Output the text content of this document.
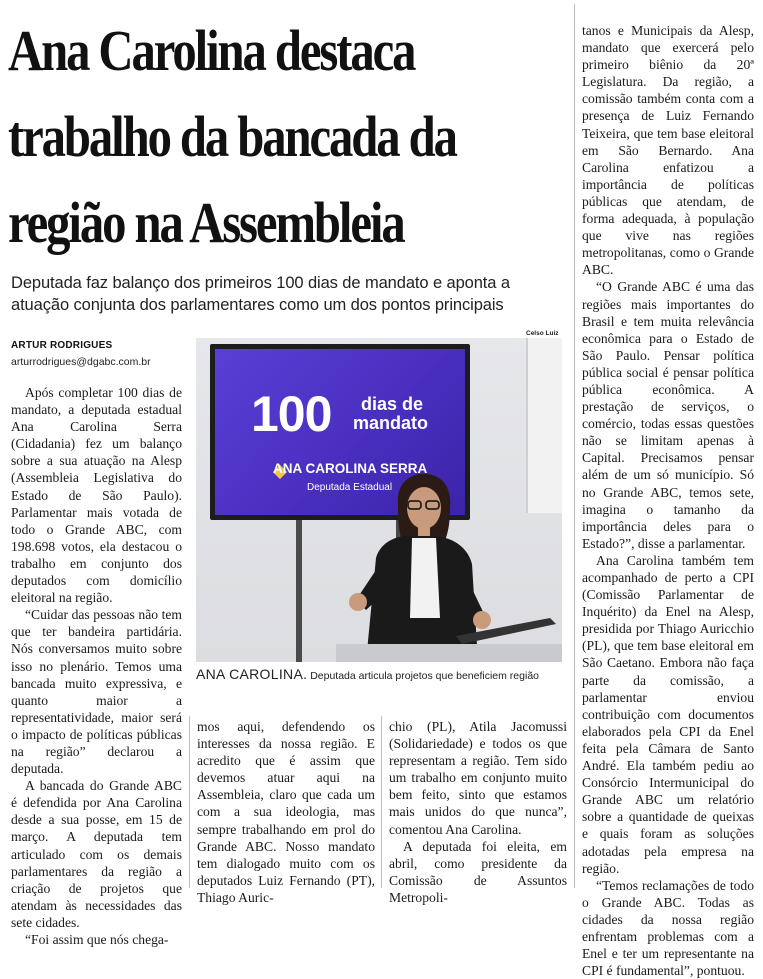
Ana Carolina destaca
trabalho da bancada da
região na Assembleia
Deputada faz balanço dos primeiros 100 dias de mandato e aponta a atuação conjunta dos parlamentares como um dos pontos principais
ARTUR RODRIGUES
arturrodrigues@dgabc.com.br
Celso Luiz
100 dias de
mandato
ANA CAROLINA SERRA
Deputada Estadual
ANA CAROLINA. Deputada articula projetos que beneficiem região

Após completar 100 dias de mandato, a deputada estadual Ana Carolina Serra (Cidadania) fez um balanço sobre a sua atuação na Alesp (Assembleia Legislativa do Estado de São Paulo). Parlamentar mais votada de todo o Grande ABC, com 198.698 votos, ela destacou o trabalho em conjunto dos deputados com domicílio eleitoral na região.

“Cuidar das pessoas não tem que ter bandeira partidária. Nós conversamos muito sobre isso no plenário. Temos uma bancada muito expressiva, e quanto maior a representatividade, maior será o impacto de políticas públicas na região” declarou a deputada.

A bancada do Grande ABC é defendida por Ana Carolina desde a sua posse, em 15 de março. A deputada tem articulado com os demais parlamentares da região a criação de projetos que atendam às necessidades das sete cidades.

“Foi assim que nós chega-

mos aqui, defendendo os interesses da nossa região. E acredito que é assim que devemos atuar aqui na Assembleia, claro que cada um com a sua ideologia, mas sempre trabalhando em prol do Grande ABC. Nosso mandato tem dialogado muito com os deputados Luiz Fernando (PT), Thiago Auric-

chio (PL), Atila Jacomussi (Solidariedade) e todos os que representam a região. Tem sido um trabalho em conjunto muito bem feito, sinto que estamos mais unidos do que nunca”, comentou Ana Carolina.

A deputada foi eleita, em abril, como presidente da Comissão de Assuntos Metropoli-

tanos e Municipais da Alesp, mandato que exercerá pelo primeiro biênio da 20ª Legislatura. Da região, a comissão também conta com a presença de Luiz Fernando Teixeira, que tem base eleitoral em São Bernardo. Ana Carolina enfatizou a importância de políticas públicas que atendam, de forma adequada, à população que vive nas regiões metropolitanas, como o Grande ABC.

“O Grande ABC é uma das regiões mais importantes do Brasil e tem muita relevância econômica para o Estado de São Paulo. Pensar política pública social é pensar política pública econômica. A prestação de serviços, o comércio, todas essas questões não se limitam apenas à Capital. Precisamos pensar além de um só município. Só no Grande ABC, temos sete, imagina o tamanho da importância deles para o Estado?”, disse a parlamentar.

Ana Carolina também tem acompanhado de perto a CPI (Comissão Parlamentar de Inquérito) da Enel na Alesp, presidida por Thiago Auricchio (PL), que tem base eleitoral em São Caetano. Embora não faça parte da comissão, a parlamentar enviou contribuição com documentos elaborados pela CPI da Enel feita pela Câmara de Santo André. Ela também pediu ao Consórcio Intermunicipal do Grande ABC um relatório sobre a quantidade de queixas e quais foram as soluções adotadas pela empresa na região.

“Temos reclamações de todo o Grande ABC. Todas as cidades da nossa região enfrentam problemas com a Enel e ter um representante na CPI é fundamental”, pontuou.
